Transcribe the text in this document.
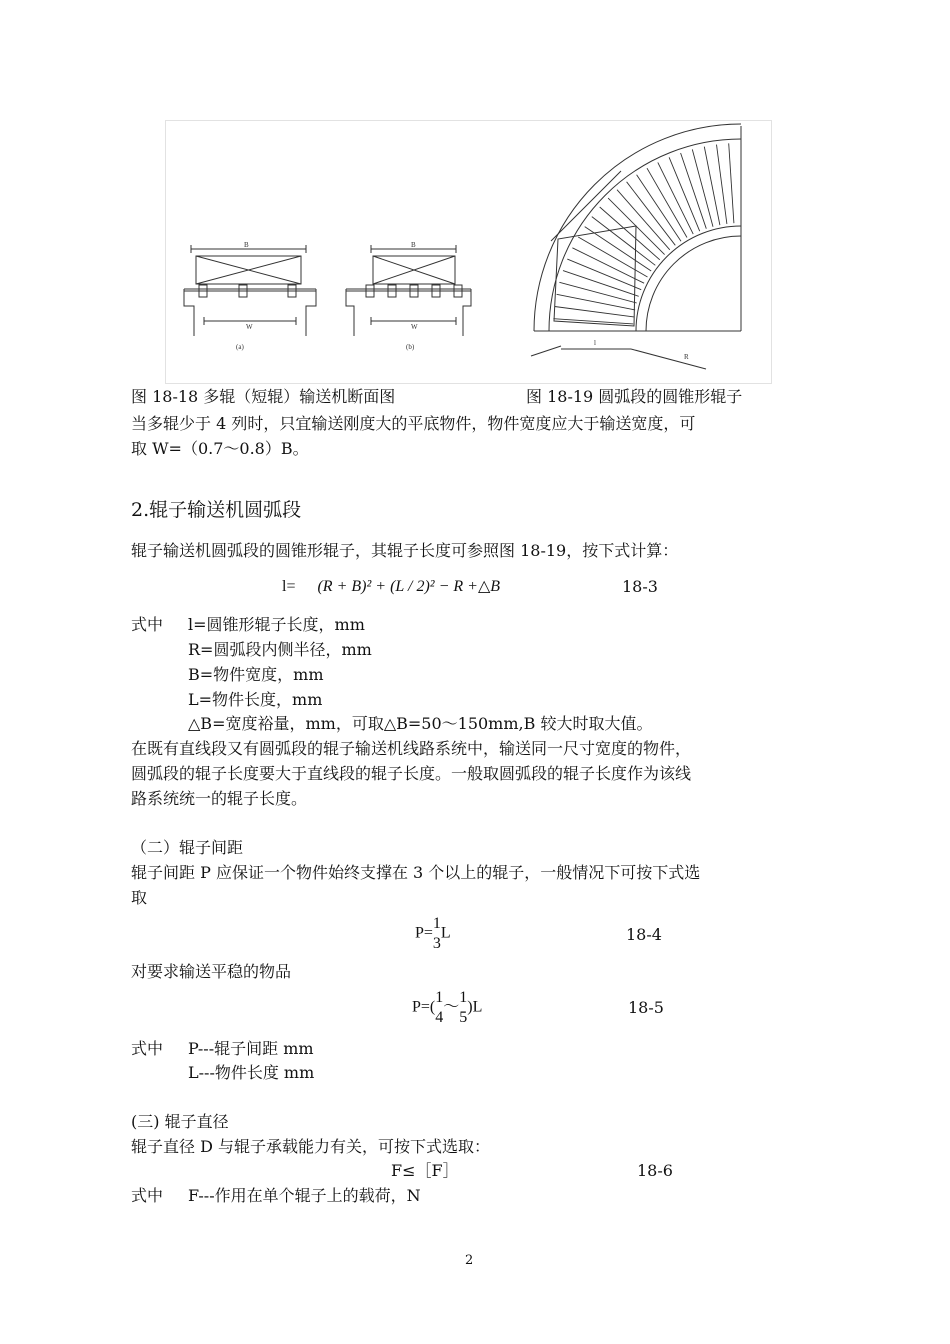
B	B
W	W
(a)	(b)
R
l
图 18-18 多辊（短辊）输送机断面图	图 18-19 圆弧段的圆锥形辊子
当多辊少于 4 列时，只宜输送刚度大的平底物件，物件宽度应大于输送宽度，可
取 W=（0.7～0.8）B。
2.辊子输送机圆弧段
辊子输送机圆弧段的圆锥形辊子，其辊子长度可参照图 18-19，按下式计算：
l= (R + B)² + (L / 2)² − R +△B	18-3
式中 l=圆锥形辊子长度，mm
R=圆弧段内侧半径，mm
B=物件宽度，mm
L=物件长度，mm
△B=宽度裕量，mm，可取△B=50～150mm,B 较大时取大值。
在既有直线段又有圆弧段的辊子输送机线路系统中，输送同一尺寸宽度的物件，
圆弧段的辊子长度要大于直线段的辊子长度。一般取圆弧段的辊子长度作为该线
路系统统一的辊子长度。
（二）辊子间距
辊子间距 P 应保证一个物件始终支撑在 3 个以上的辊子，一般情况下可按下式选
取
P=
1
3
L	18-4
对要求输送平稳的物品
P=(
1
4
～
1
5
)L	18-5
式中 P---辊子间距 mm
L---物件长度 mm
(三) 辊子直径
辊子直径 D 与辊子承载能力有关，可按下式选取：
F≤［F］	18-6
式中 F---作用在单个辊子上的载荷，N
2
